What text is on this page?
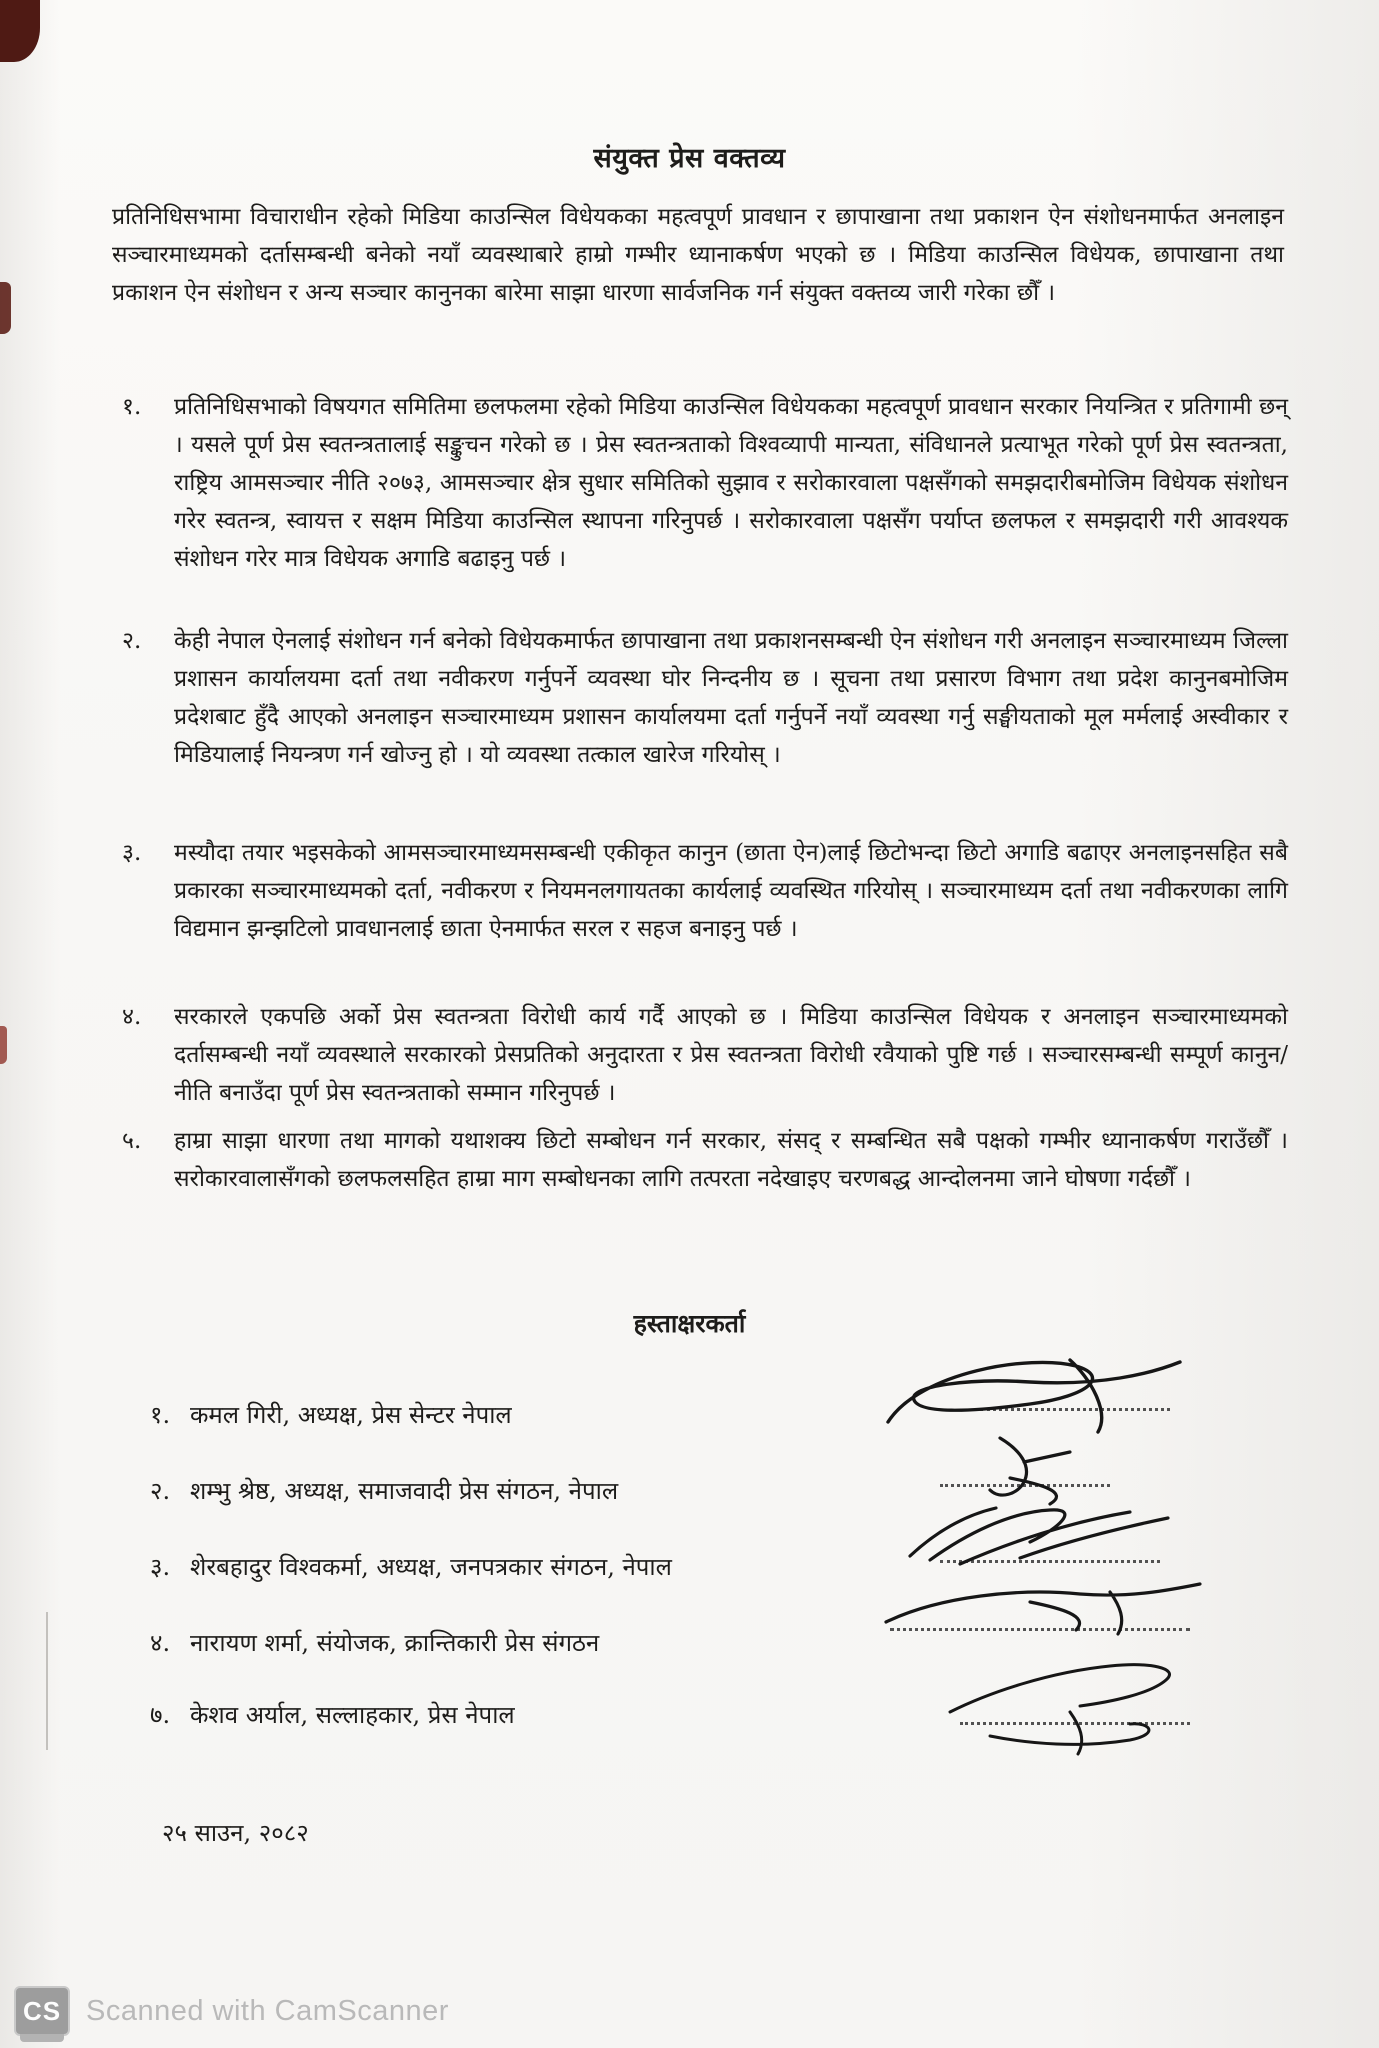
संयुक्त प्रेस वक्तव्य
प्रतिनिधिसभामा विचाराधीन रहेको मिडिया काउन्सिल विधेयकका महत्वपूर्ण प्रावधान र छापाखाना तथा प्रकाशन ऐन संशोधनमार्फत अनलाइन सञ्चारमाध्यमको दर्तासम्बन्धी बनेको नयाँ व्यवस्थाबारे हाम्रो गम्भीर ध्यानाकर्षण भएको छ । मिडिया काउन्सिल विधेयक, छापाखाना तथा प्रकाशन ऐन संशोधन र अन्य सञ्चार कानुनका बारेमा साझा धारणा सार्वजनिक गर्न संयुक्त वक्तव्य जारी गरेका छौँ ।
१.	प्रतिनिधिसभाको विषयगत समितिमा छलफलमा रहेको मिडिया काउन्सिल विधेयकका महत्वपूर्ण प्रावधान सरकार नियन्त्रित र प्रतिगामी छन् । यसले पूर्ण प्रेस स्वतन्त्रतालाई सङ्कुचन गरेको छ । प्रेस स्वतन्त्रताको विश्वव्यापी मान्यता, संविधानले प्रत्याभूत गरेको पूर्ण प्रेस स्वतन्त्रता, राष्ट्रिय आमसञ्चार नीति २०७३, आमसञ्चार क्षेत्र सुधार समितिको सुझाव र सरोकारवाला पक्षसँगको समझदारीबमोजिम विधेयक संशोधन गरेर स्वतन्त्र, स्वायत्त र सक्षम मिडिया काउन्सिल स्थापना गरिनुपर्छ । सरोकारवाला पक्षसँग पर्याप्त छलफल र समझदारी गरी आवश्यक संशोधन गरेर मात्र विधेयक अगाडि बढाइनु पर्छ ।
२.	केही नेपाल ऐनलाई संशोधन गर्न बनेको विधेयकमार्फत छापाखाना तथा प्रकाशनसम्बन्धी ऐन संशोधन गरी अनलाइन सञ्चारमाध्यम जिल्ला प्रशासन कार्यालयमा दर्ता तथा नवीकरण गर्नुपर्ने व्यवस्था घोर निन्दनीय छ । सूचना तथा प्रसारण विभाग तथा प्रदेश कानुनबमोजिम प्रदेशबाट हुँदै आएको अनलाइन सञ्चारमाध्यम प्रशासन कार्यालयमा दर्ता गर्नुपर्ने नयाँ व्यवस्था गर्नु सङ्घीयताको मूल मर्मलाई अस्वीकार र मिडियालाई नियन्त्रण गर्न खोज्नु हो । यो व्यवस्था तत्काल खारेज गरियोस् ।
३.	मस्यौदा तयार भइसकेको आमसञ्चारमाध्यमसम्बन्धी एकीकृत कानुन (छाता ऐन)लाई छिटोभन्दा छिटो अगाडि बढाएर अनलाइनसहित सबै प्रकारका सञ्चारमाध्यमको दर्ता, नवीकरण र नियमनलगायतका कार्यलाई व्यवस्थित गरियोस् । सञ्चारमाध्यम दर्ता तथा नवीकरणका लागि विद्यमान झन्झटिलो प्रावधानलाई छाता ऐनमार्फत सरल र सहज बनाइनु पर्छ ।
४.	सरकारले एकपछि अर्को प्रेस स्वतन्त्रता विरोधी कार्य गर्दै आएको छ । मिडिया काउन्सिल विधेयक र अनलाइन सञ्चारमाध्यमको दर्तासम्बन्धी नयाँ व्यवस्थाले सरकारको प्रेसप्रतिको अनुदारता र प्रेस स्वतन्त्रता विरोधी रवैयाको पुष्टि गर्छ । सञ्चारसम्बन्धी सम्पूर्ण कानुन/नीति बनाउँदा पूर्ण प्रेस स्वतन्त्रताको सम्मान गरिनुपर्छ ।
५.	हाम्रा साझा धारणा तथा मागको यथाशक्य छिटो सम्बोधन गर्न सरकार, संसद् र सम्बन्धित सबै पक्षको गम्भीर ध्यानाकर्षण गराउँछौँ । सरोकारवालासँगको छलफलसहित हाम्रा माग सम्बोधनका लागि तत्परता नदेखाइए चरणबद्ध आन्दोलनमा जाने घोषणा गर्दछौँ ।
हस्ताक्षरकर्ता
१. कमल गिरी, अध्यक्ष, प्रेस सेन्टर नेपाल
२. शम्भु श्रेष्ठ, अध्यक्ष, समाजवादी प्रेस संगठन, नेपाल
३. शेरबहादुर विश्वकर्मा, अध्यक्ष, जनपत्रकार संगठन, नेपाल
४. नारायण शर्मा, संयोजक, क्रान्तिकारी प्रेस संगठन
७. केशव अर्याल, सल्लाहकार, प्रेस नेपाल
२५ साउन, २०८२
CS Scanned with CamScanner
